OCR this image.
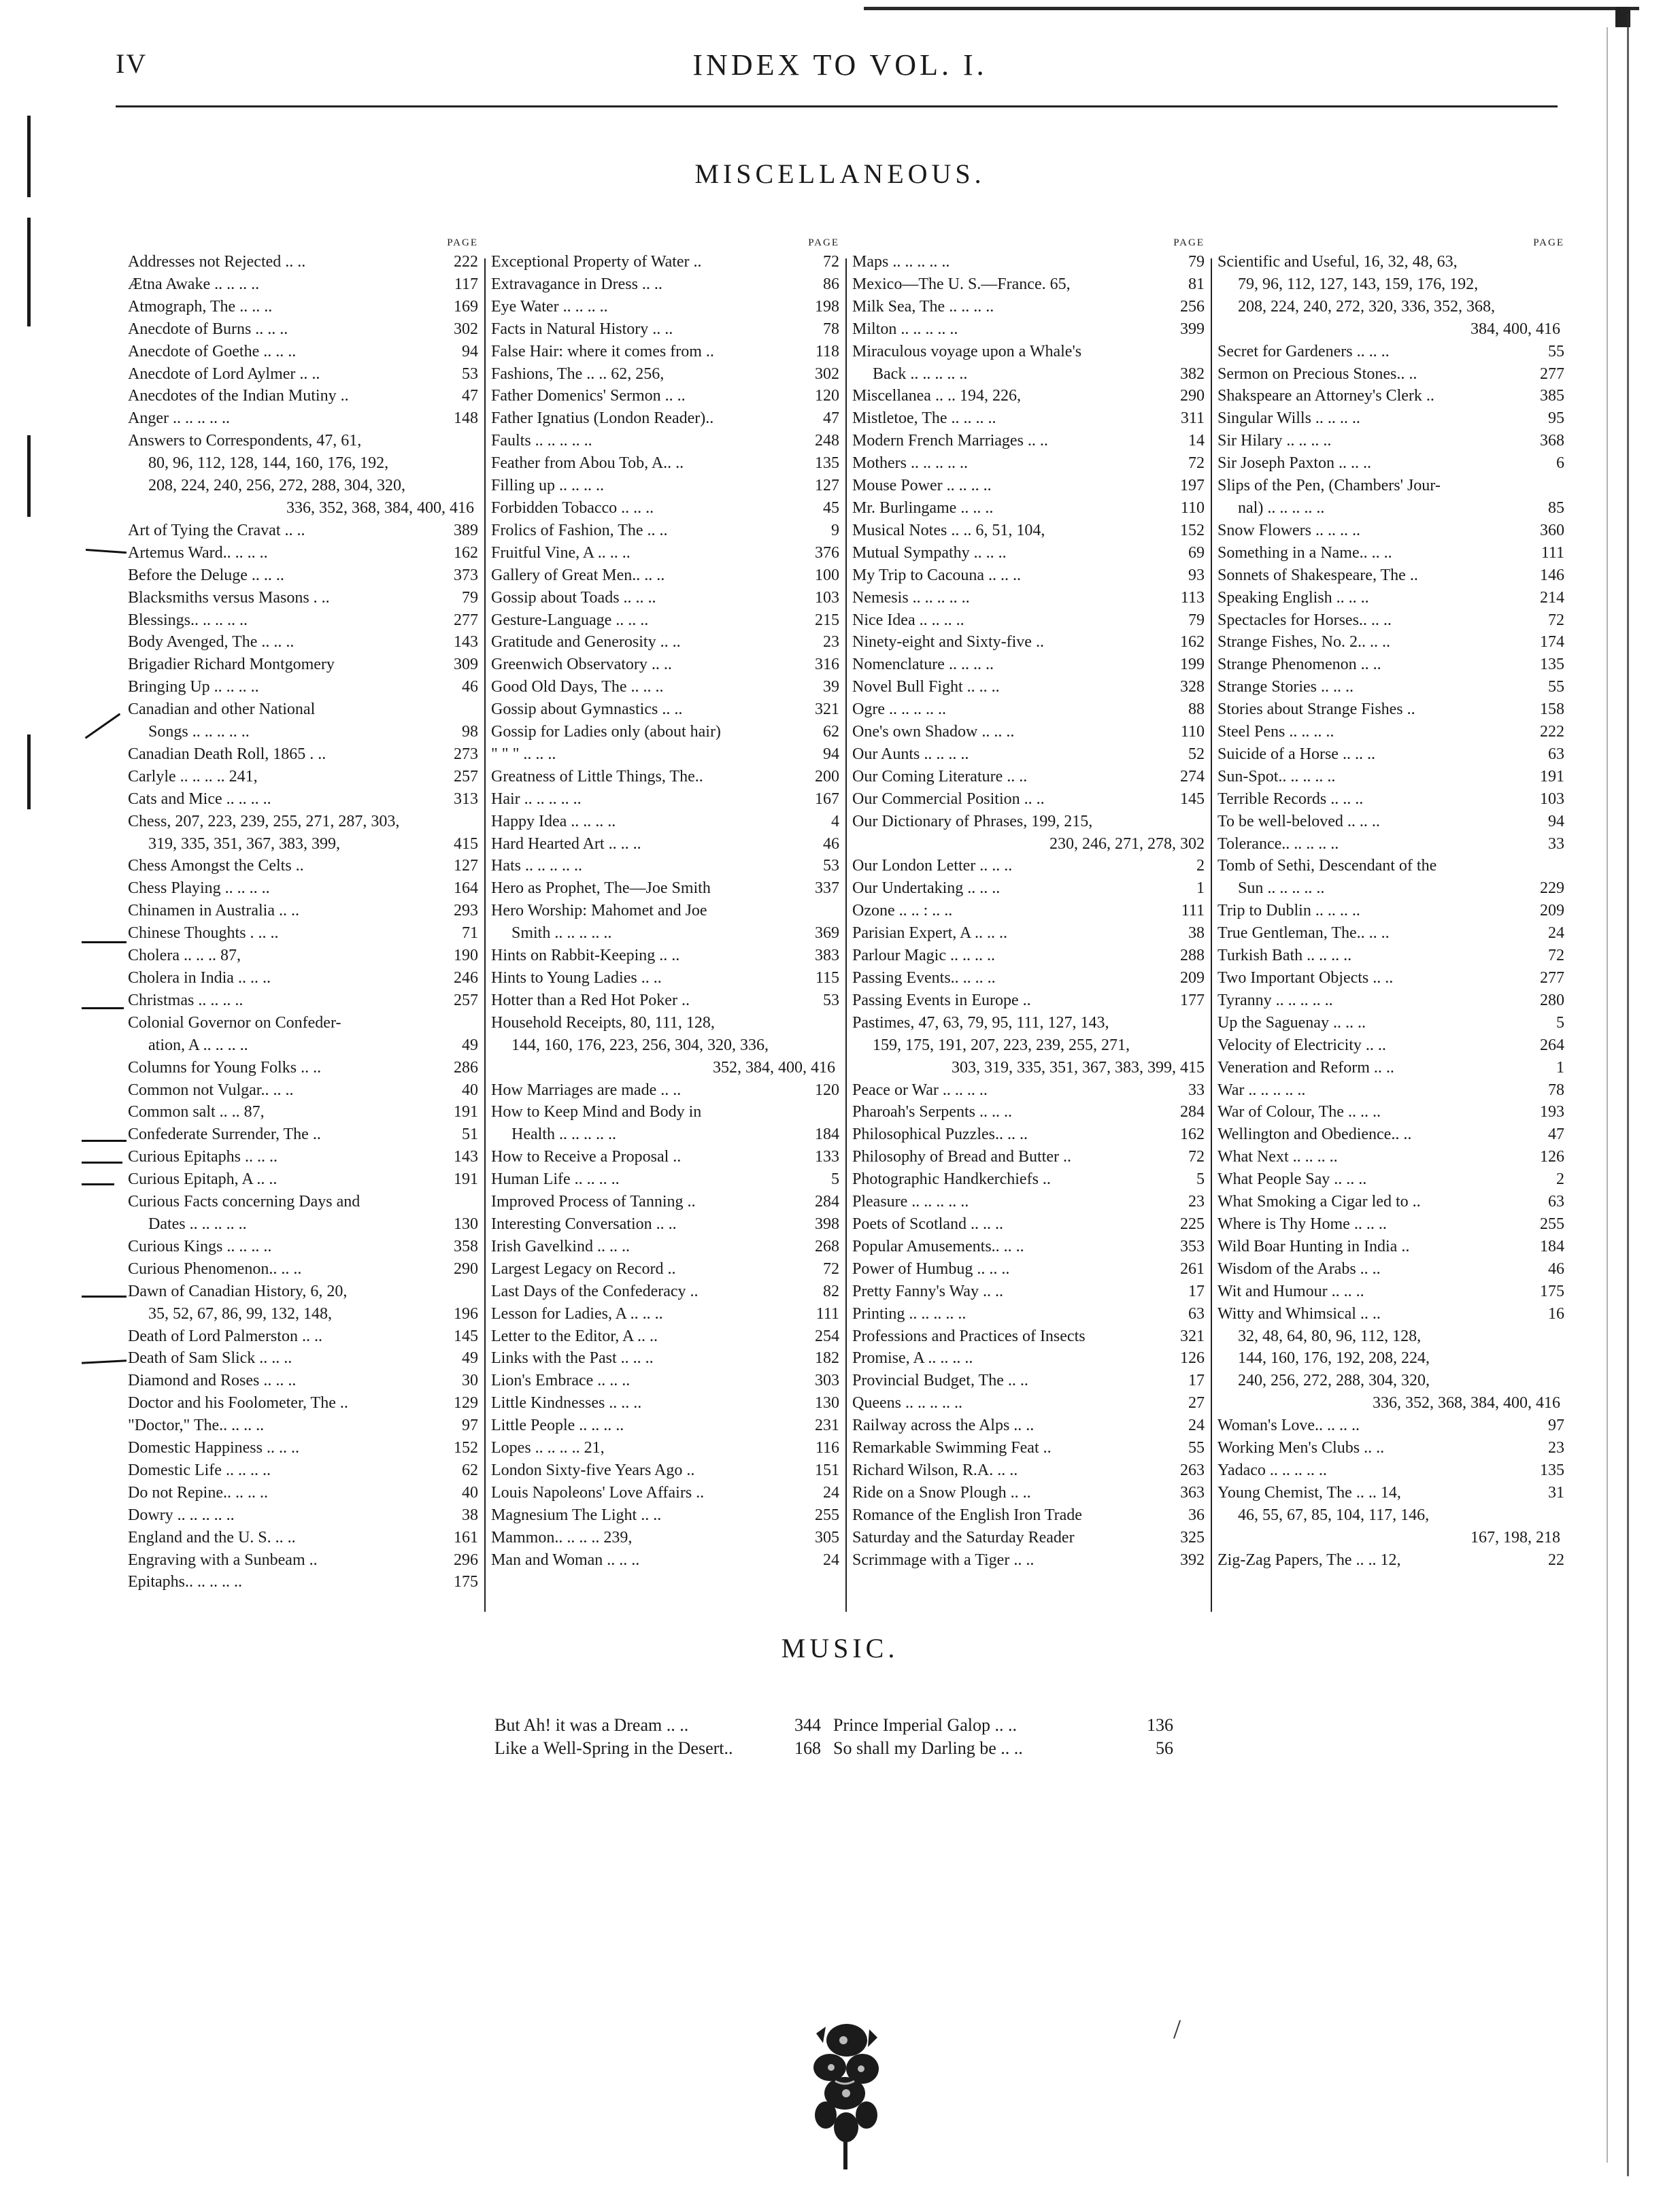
IV	INDEX TO VOL. I.
MISCELLANEOUS.
PAGE
Addresses not Rejected .. ..	222
Ætna Awake .. .. .. ..	117
Atmograph, The .. .. ..	169
Anecdote of Burns .. .. ..	302
Anecdote of Goethe .. .. ..	94
Anecdote of Lord Aylmer .. ..	53
Anecdotes of the Indian Mutiny ..	47
Anger .. .. .. .. ..	148
Answers to Correspondents, 47, 61,
80, 96, 112, 128, 144, 160, 176, 192,
208, 224, 240, 256, 272, 288, 304, 320,
336, 352, 368, 384, 400, 416
Art of Tying the Cravat .. ..	389
Artemus Ward.. .. .. ..	162
Before the Deluge .. .. ..	373
Blacksmiths versus Masons . ..	79
Blessings.. .. .. .. ..	277
Body Avenged, The .. .. ..	143
Brigadier Richard Montgomery	309
Bringing Up .. .. .. ..	46
Canadian and other National
Songs .. .. .. .. ..	98
Canadian Death Roll, 1865 . ..	273
Carlyle .. .. .. .. 241,	257
Cats and Mice .. .. .. ..	313
Chess, 207, 223, 239, 255, 271, 287, 303,
319, 335, 351, 367, 383, 399,	415
Chess Amongst the Celts ..	127
Chess Playing .. .. .. ..	164
Chinamen in Australia .. ..	293
Chinese Thoughts . .. ..	71
Cholera .. .. .. 87,	190
Cholera in India .. .. ..	246
Christmas .. .. .. ..	257
Colonial Governor on Confeder-
ation, A .. .. .. ..	49
Columns for Young Folks .. ..	286
Common not Vulgar.. .. ..	40
Common salt .. .. 87,	191
Confederate Surrender, The ..	51
Curious Epitaphs .. .. ..	143
Curious Epitaph, A .. ..	191
Curious Facts concerning Days and
Dates .. .. .. .. ..	130
Curious Kings .. .. .. ..	358
Curious Phenomenon.. .. ..	290
Dawn of Canadian History, 6, 20,
35, 52, 67, 86, 99, 132, 148,	196
Death of Lord Palmerston .. ..	145
Death of Sam Slick .. .. ..	49
Diamond and Roses .. .. ..	30
Doctor and his Foolometer, The ..	129
"Doctor," The.. .. .. ..	97
Domestic Happiness .. .. ..	152
Domestic Life .. .. .. ..	62
Do not Repine.. .. .. ..	40
Dowry .. .. .. .. ..	38
England and the U. S. .. ..	161
Engraving with a Sunbeam ..	296
Epitaphs.. .. .. .. ..	175
PAGE
Exceptional Property of Water ..	72
Extravagance in Dress .. ..	86
Eye Water .. .. .. ..	198
Facts in Natural History .. ..	78
False Hair: where it comes from ..	118
Fashions, The .. .. 62, 256,	302
Father Domenics' Sermon .. ..	120
Father Ignatius (London Reader)..	47
Faults .. .. .. .. ..	248
Feather from Abou Tob, A.. ..	135
Filling up .. .. .. ..	127
Forbidden Tobacco .. .. ..	45
Frolics of Fashion, The .. ..	9
Fruitful Vine, A .. .. ..	376
Gallery of Great Men.. .. ..	100
Gossip about Toads .. .. ..	103
Gesture-Language .. .. ..	215
Gratitude and Generosity .. ..	23
Greenwich Observatory .. ..	316
Good Old Days, The .. .. ..	39
Gossip about Gymnastics .. ..	321
Gossip for Ladies only (about hair)	62
" " " .. .. ..	94
Greatness of Little Things, The..	200
Hair .. .. .. .. ..	167
Happy Idea .. .. .. ..	4
Hard Hearted Art .. .. ..	46
Hats .. .. .. .. ..	53
Hero as Prophet, The—Joe Smith	337
Hero Worship: Mahomet and Joe
Smith .. .. .. .. ..	369
Hints on Rabbit-Keeping .. ..	383
Hints to Young Ladies .. ..	115
Hotter than a Red Hot Poker ..	53
Household Receipts, 80, 111, 128,
144, 160, 176, 223, 256, 304, 320, 336,
352, 384, 400, 416
How Marriages are made .. ..	120
How to Keep Mind and Body in
Health .. .. .. .. ..	184
How to Receive a Proposal ..	133
Human Life .. .. .. ..	5
Improved Process of Tanning ..	284
Interesting Conversation .. ..	398
Irish Gavelkind .. .. ..	268
Largest Legacy on Record ..	72
Last Days of the Confederacy ..	82
Lesson for Ladies, A .. .. ..	111
Letter to the Editor, A .. ..	254
Links with the Past .. .. ..	182
Lion's Embrace .. .. ..	303
Little Kindnesses .. .. ..	130
Little People .. .. .. ..	231
Lopes .. .. .. .. 21,	116
London Sixty-five Years Ago ..	151
Louis Napoleons' Love Affairs ..	24
Magnesium The Light .. ..	255
Mammon.. .. .. .. 239,	305
Man and Woman .. .. ..	24
PAGE
Maps .. .. .. .. ..	79
Mexico—The U. S.—France. 65,	81
Milk Sea, The .. .. .. ..	256
Milton .. .. .. .. ..	399
Miraculous voyage upon a Whale's
Back .. .. .. .. ..	382
Miscellanea .. .. 194, 226,	290
Mistletoe, The .. .. .. ..	311
Modern French Marriages .. ..	14
Mothers .. .. .. .. ..	72
Mouse Power .. .. .. ..	197
Mr. Burlingame .. .. ..	110
Musical Notes .. .. 6, 51, 104,	152
Mutual Sympathy .. .. ..	69
My Trip to Cacouna .. .. ..	93
Nemesis .. .. .. .. ..	113
Nice Idea .. .. .. ..	79
Ninety-eight and Sixty-five ..	162
Nomenclature .. .. .. ..	199
Novel Bull Fight .. .. ..	328
Ogre .. .. .. .. ..	88
One's own Shadow .. .. ..	110
Our Aunts .. .. .. ..	52
Our Coming Literature .. ..	274
Our Commercial Position .. ..	145
Our Dictionary of Phrases, 199, 215,
230, 246, 271, 278, 302
Our London Letter .. .. ..	2
Our Undertaking .. .. ..	1
Ozone .. .. : .. ..	111
Parisian Expert, A .. .. ..	38
Parlour Magic .. .. .. ..	288
Passing Events.. .. .. ..	209
Passing Events in Europe ..	177
Pastimes, 47, 63, 79, 95, 111, 127, 143,
159, 175, 191, 207, 223, 239, 255, 271,
303, 319, 335, 351, 367, 383, 399, 415
Peace or War .. .. .. ..	33
Pharoah's Serpents .. .. ..	284
Philosophical Puzzles.. .. ..	162
Philosophy of Bread and Butter ..	72
Photographic Handkerchiefs ..	5
Pleasure .. .. .. .. ..	23
Poets of Scotland .. .. ..	225
Popular Amusements.. .. ..	353
Power of Humbug .. .. ..	261
Pretty Fanny's Way .. ..	17
Printing .. .. .. .. ..	63
Professions and Practices of Insects	321
Promise, A .. .. .. ..	126
Provincial Budget, The .. ..	17
Queens .. .. .. .. ..	27
Railway across the Alps .. ..	24
Remarkable Swimming Feat ..	55
Richard Wilson, R.A. .. ..	263
Ride on a Snow Plough .. ..	363
Romance of the English Iron Trade	36
Saturday and the Saturday Reader	325
Scrimmage with a Tiger .. ..	392
PAGE
Scientific and Useful, 16, 32, 48, 63,
79, 96, 112, 127, 143, 159, 176, 192,
208, 224, 240, 272, 320, 336, 352, 368,
384, 400, 416
Secret for Gardeners .. .. ..	55
Sermon on Precious Stones.. ..	277
Shakspeare an Attorney's Clerk ..	385
Singular Wills .. .. .. ..	95
Sir Hilary .. .. .. ..	368
Sir Joseph Paxton .. .. ..	6
Slips of the Pen, (Chambers' Jour-
nal) .. .. .. .. ..	85
Snow Flowers .. .. .. ..	360
Something in a Name.. .. ..	111
Sonnets of Shakespeare, The ..	146
Speaking English .. .. ..	214
Spectacles for Horses.. .. ..	72
Strange Fishes, No. 2.. .. ..	174
Strange Phenomenon .. ..	135
Strange Stories .. .. ..	55
Stories about Strange Fishes ..	158
Steel Pens .. .. .. ..	222
Suicide of a Horse .. .. ..	63
Sun-Spot.. .. .. .. ..	191
Terrible Records .. .. ..	103
To be well-beloved .. .. ..	94
Tolerance.. .. .. .. ..	33
Tomb of Sethi, Descendant of the
Sun .. .. .. .. ..	229
Trip to Dublin .. .. .. ..	209
True Gentleman, The.. .. ..	24
Turkish Bath .. .. .. ..	72
Two Important Objects .. ..	277
Tyranny .. .. .. .. ..	280
Up the Saguenay .. .. ..	5
Velocity of Electricity .. ..	264
Veneration and Reform .. ..	1
War .. .. .. .. ..	78
War of Colour, The .. .. ..	193
Wellington and Obedience.. ..	47
What Next .. .. .. ..	126
What People Say .. .. ..	2
What Smoking a Cigar led to ..	63
Where is Thy Home .. .. ..	255
Wild Boar Hunting in India ..	184
Wisdom of the Arabs .. ..	46
Wit and Humour .. .. ..	175
Witty and Whimsical .. ..	16
32, 48, 64, 80, 96, 112, 128,
144, 160, 176, 192, 208, 224,
240, 256, 272, 288, 304, 320,
336, 352, 368, 384, 400, 416
Woman's Love.. .. .. ..	97
Working Men's Clubs .. ..	23
Yadaco .. .. .. .. ..	135
Young Chemist, The .. .. 14,	31
46, 55, 67, 85, 104, 117, 146,
167, 198, 218
Zig-Zag Papers, The .. .. 12,	22
MUSIC.
But Ah! it was a Dream .. ..	344 Prince Imperial Galop .. ..	136
Like a Well-Spring in the Desert..	168 So shall my Darling be .. ..	56
/
